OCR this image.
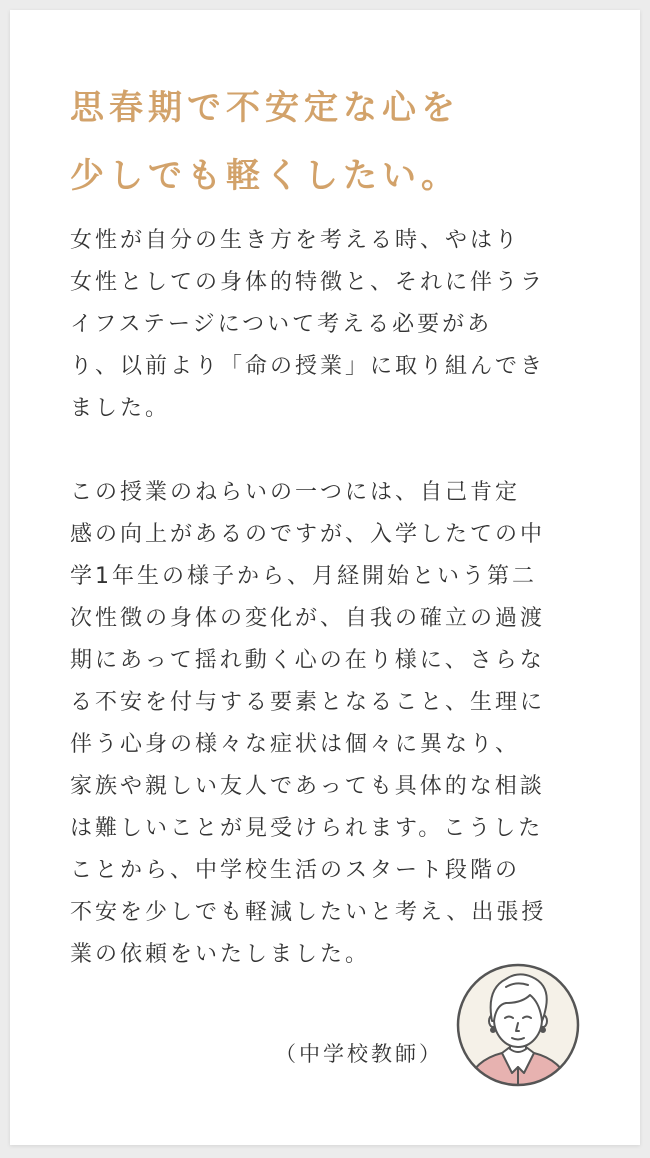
思春期で不安定な心を
少しでも軽くしたい。

女性が自分の生き方を考える時、やはり
女性としての身体的特徴と、それに伴うラ
イフステージについて考える必要があ
り、以前より「命の授業」に取り組んでき
ました。

この授業のねらいの一つには、自己肯定
感の向上があるのですが、入学したての中
学1年生の様子から、月経開始という第二
次性徴の身体の変化が、自我の確立の過渡
期にあって揺れ動く心の在り様に、さらな
る不安を付与する要素となること、生理に
伴う心身の様々な症状は個々に異なり、
家族や親しい友人であっても具体的な相談
は難しいことが見受けられます。こうした
ことから、中学校生活のスタート段階の
不安を少しでも軽減したいと考え、出張授
業の依頼をいたしました。

（中学校教師）
